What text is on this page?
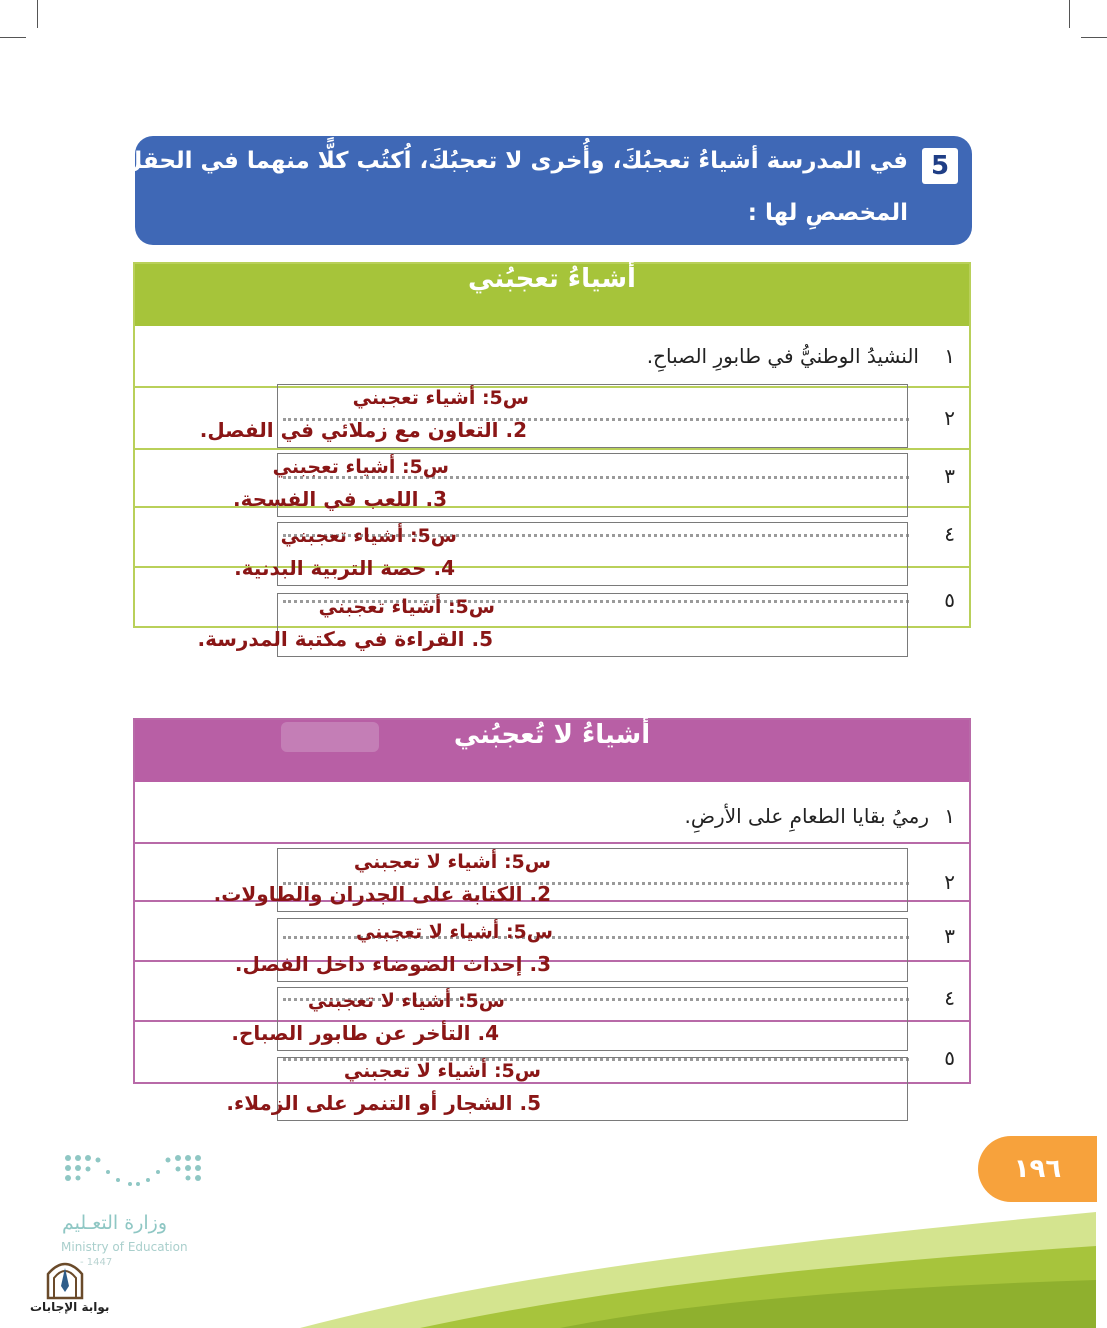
5
في المدرسة أشياءُ تعجبُكَ، وأُخرى لا تعجبُكَ، اُكتُب كلًّا منهما في الحقلِ
المخصصِ لها :
أشياءُ تعجبُني
١
النشيدُ الوطنيُّ في طابورِ الصباحِ.
٢
٣
٤
٥
س5: أشياء تعجبني
2. التعاون مع زملائي في الفصل.
س5: أشياء تعجبني
3. اللعب في الفسحة.
س5: أشياء تعجبني
4. حصة التربية البدنية.
س5: أشياء تعجبني
5. القراءة في مكتبة المدرسة.
أشياءُ لا تُعجبُني
١
رميُ بقايا الطعامِ على الأرضِ.
٢
٣
٤
٥
س5: أشياء لا تعجبني
2. الكتابة على الجدران والطاولات.
س5: أشياء لا تعجبني
3. إحداث الضوضاء داخل الفصل.
س5: أشياء لا تعجبني
4. التأخر عن طابور الصباح.
س5: أشياء لا تعجبني
5. الشجار أو التنمر على الزملاء.
١٩٦
وزارة التعـليم
Ministry of Education
- 1447
بوابة الإجابات
